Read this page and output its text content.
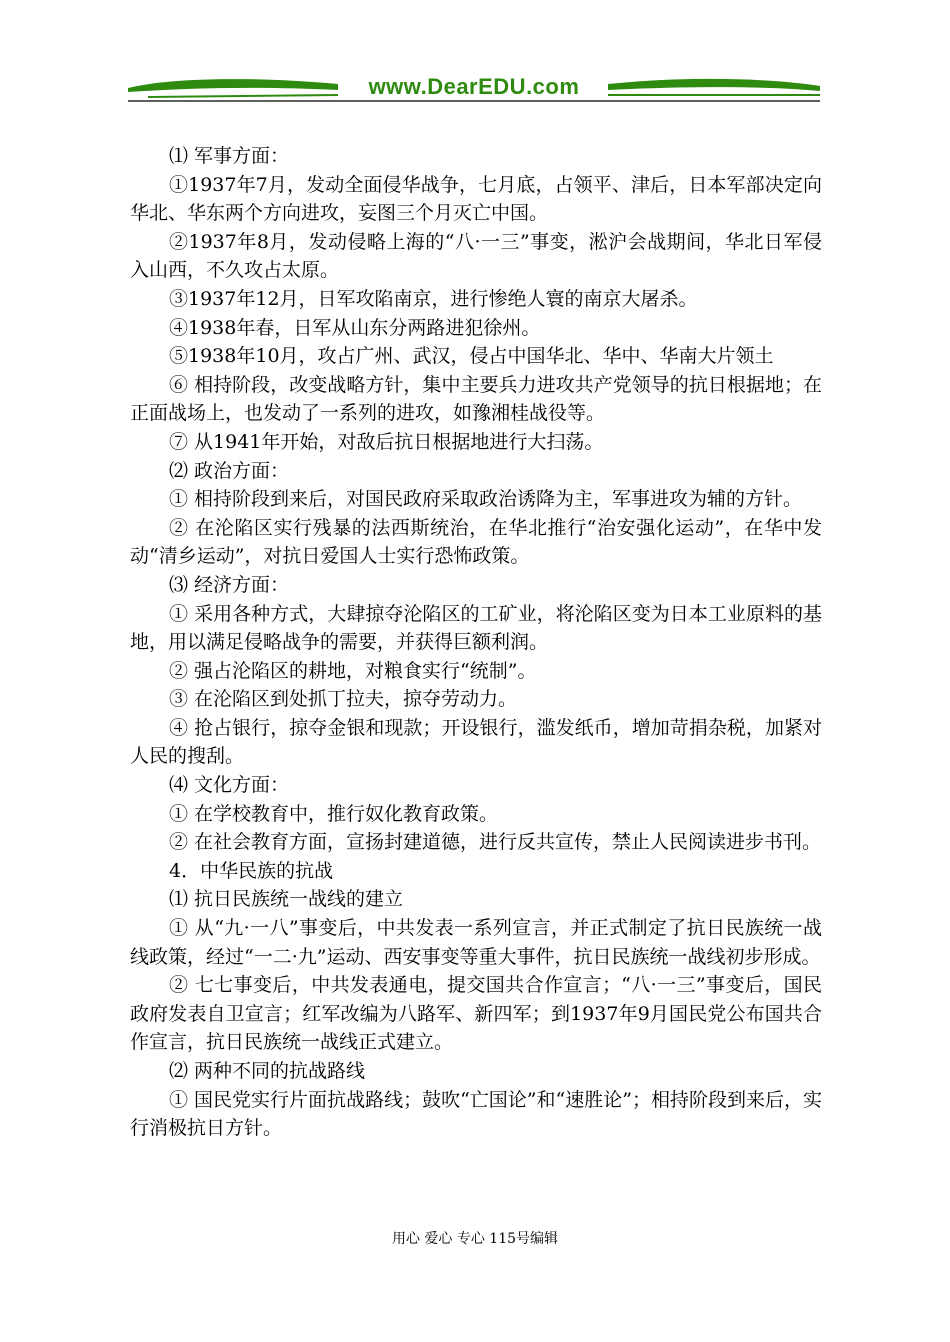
www.DearEDU.com

⑴ 军事方面：

①1937年7月，发动全面侵华战争，七月底，占领平、津后，日本军部决定向华北、华东两个方向进攻，妄图三个月灭亡中国。

②1937年8月，发动侵略上海的“八·一三”事变，淞沪会战期间，华北日军侵入山西，不久攻占太原。

③1937年12月，日军攻陷南京，进行惨绝人寰的南京大屠杀。

④1938年春，日军从山东分两路进犯徐州。

⑤1938年10月，攻占广州、武汉，侵占中国华北、华中、华南大片领土

⑥ 相持阶段，改变战略方针，集中主要兵力进攻共产党领导的抗日根据地；在正面战场上，也发动了一系列的进攻，如豫湘桂战役等。

⑦ 从1941年开始，对敌后抗日根据地进行大扫荡。

⑵ 政治方面：

① 相持阶段到来后，对国民政府采取政治诱降为主，军事进攻为辅的方针。

② 在沦陷区实行残暴的法西斯统治，在华北推行“治安强化运动”，在华中发动“清乡运动”，对抗日爱国人士实行恐怖政策。

⑶ 经济方面：

① 采用各种方式，大肆掠夺沦陷区的工矿业，将沦陷区变为日本工业原料的基地，用以满足侵略战争的需要，并获得巨额利润。

② 强占沦陷区的耕地，对粮食实行“统制”。

③ 在沦陷区到处抓丁拉夫，掠夺劳动力。

④ 抢占银行，掠夺金银和现款；开设银行，滥发纸币，增加苛捐杂税，加紧对人民的搜刮。

⑷ 文化方面：

① 在学校教育中，推行奴化教育政策。

② 在社会教育方面，宣扬封建道德，进行反共宣传，禁止人民阅读进步书刊。

4．中华民族的抗战

⑴ 抗日民族统一战线的建立

① 从“九·一八”事变后，中共发表一系列宣言，并正式制定了抗日民族统一战线政策，经过“一二·九”运动、西安事变等重大事件，抗日民族统一战线初步形成。

② 七七事变后，中共发表通电，提交国共合作宣言；“八·一三”事变后，国民政府发表自卫宣言；红军改编为八路军、新四军；到1937年9月国民党公布国共合作宣言，抗日民族统一战线正式建立。

⑵ 两种不同的抗战路线

① 国民党实行片面抗战路线；鼓吹“亡国论”和“速胜论”；相持阶段到来后，实行消极抗日方针。

用心 爱心 专心 115号编辑
